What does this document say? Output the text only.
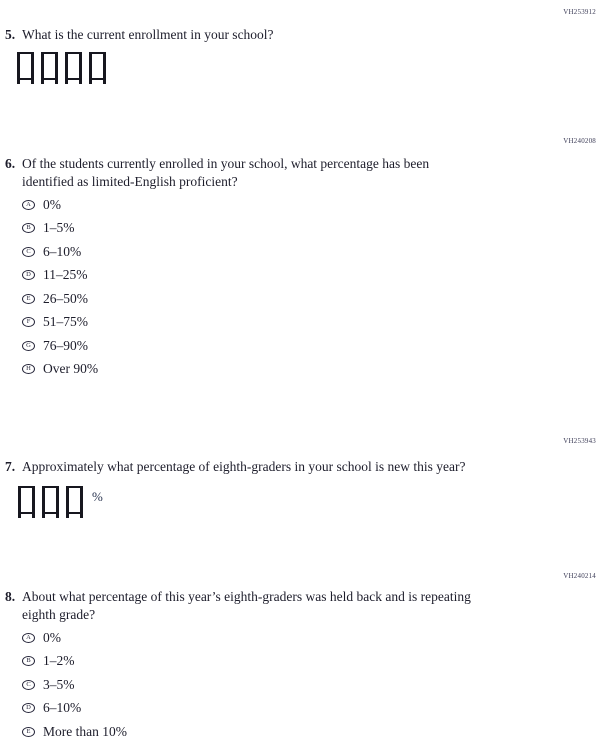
VH253912
5. What is the current enrollment in your school?
VH240208
6. Of the students currently enrolled in your school, what percentage has been
identified as limited-English proficient?
A 0%
B 1–5%
C 6–10%
D 11–25%
E 26–50%
F 51–75%
G 76–90%
H Over 90%
VH253943
7. Approximately what percentage of eighth-graders in your school is new this year?
%
VH240214
8. About what percentage of this year’s eighth-graders was held back and is repeating
eighth grade?
A 0%
B 1–2%
C 3–5%
D 6–10%
E More than 10%
